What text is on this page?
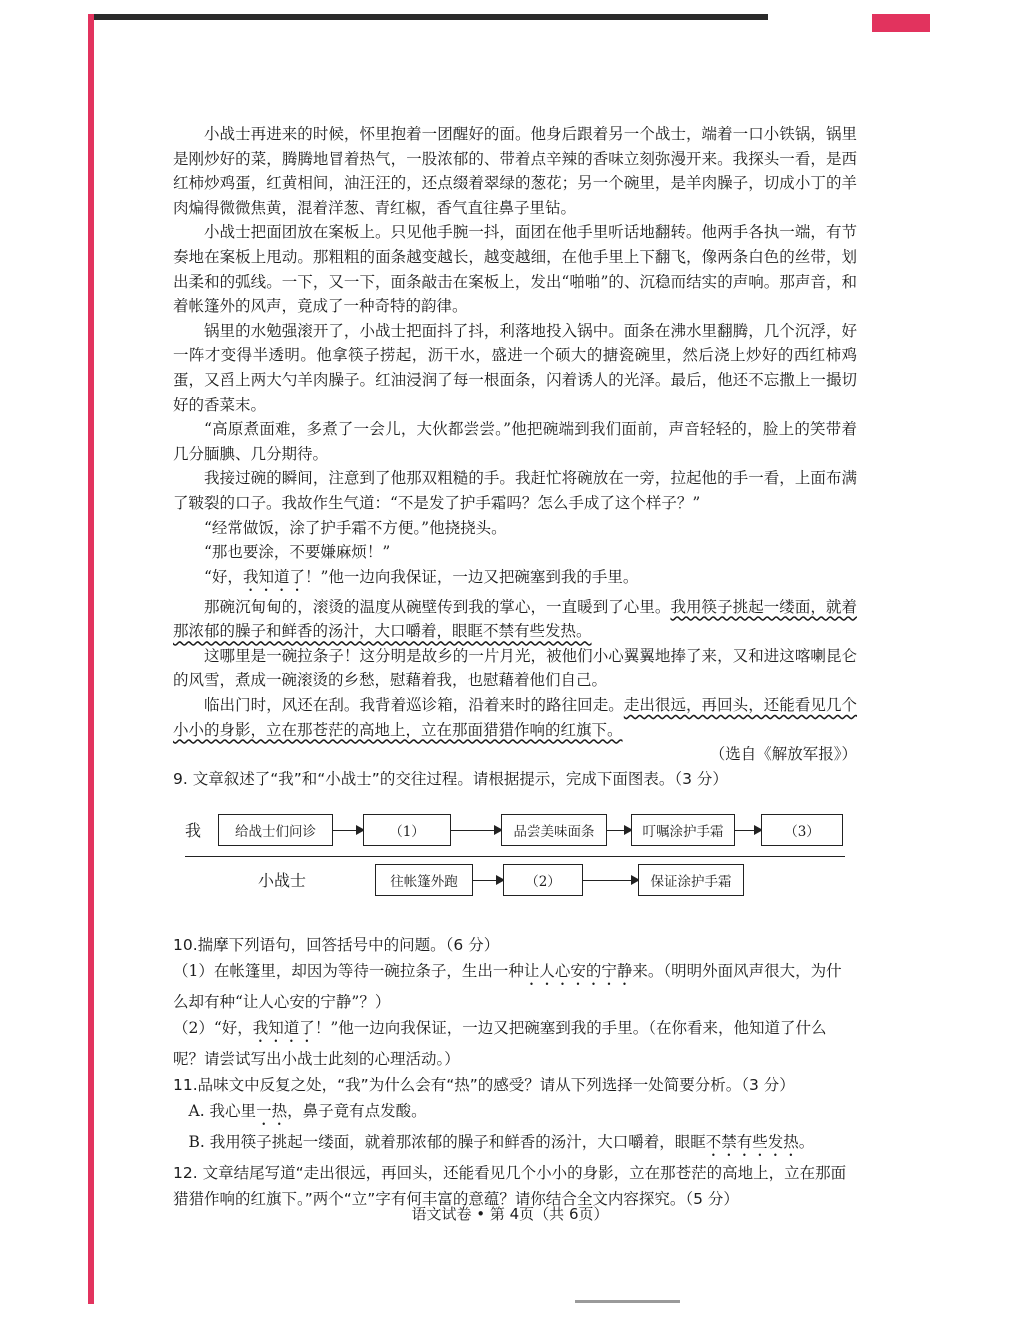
小战士再进来的时候，怀里抱着一团醒好的面。他身后跟着另一个战士，端着一口小铁锅，锅里是刚炒好的菜，腾腾地冒着热气，一股浓郁的、带着点辛辣的香味立刻弥漫开来。我探头一看，是西红柿炒鸡蛋，红黄相间，油汪汪的，还点缀着翠绿的葱花；另一个碗里，是羊肉臊子，切成小丁的羊肉煸得微微焦黄，混着洋葱、青红椒，香气直往鼻子里钻。

小战士把面团放在案板上。只见他手腕一抖，面团在他手里听话地翻转。他两手各执一端，有节奏地在案板上甩动。那粗粗的面条越变越长，越变越细，在他手里上下翻飞，像两条白色的丝带，划出柔和的弧线。一下，又一下，面条敲击在案板上，发出“啪啪”的、沉稳而结实的声响。那声音，和着帐篷外的风声，竟成了一种奇特的韵律。

锅里的水勉强滚开了，小战士把面抖了抖，利落地投入锅中。面条在沸水里翻腾，几个沉浮，好一阵才变得半透明。他拿筷子捞起，沥干水，盛进一个硕大的搪瓷碗里，然后浇上炒好的西红柿鸡蛋，又舀上两大勺羊肉臊子。红油浸润了每一根面条，闪着诱人的光泽。最后，他还不忘撒上一撮切好的香菜末。

“高原煮面难，多煮了一会儿，大伙都尝尝。”他把碗端到我们面前，声音轻轻的，脸上的笑带着几分腼腆、几分期待。

我接过碗的瞬间，注意到了他那双粗糙的手。我赶忙将碗放在一旁，拉起他的手一看，上面布满了皲裂的口子。我故作生气道：“不是发了护手霜吗？怎么手成了这个样子？”

“经常做饭，涂了护手霜不方便。”他挠挠头。

“那也要涂，不要嫌麻烦！”

“好，我知道了！”他一边向我保证，一边又把碗塞到我的手里。

那碗沉甸甸的，滚烫的温度从碗壁传到我的掌心，一直暖到了心里。我用筷子挑起一缕面，就着那浓郁的臊子和鲜香的汤汁，大口嚼着，眼眶不禁有些发热。

这哪里是一碗拉条子！这分明是故乡的一片月光，被他们小心翼翼地捧了来，又和进这喀喇昆仑的风雪，煮成一碗滚烫的乡愁，慰藉着我，也慰藉着他们自己。

临出门时，风还在刮。我背着巡诊箱，沿着来时的路往回走。走出很远，再回头，还能看见几个小小的身影，立在那苍茫的高地上，立在那面猎猎作响的红旗下。

（选自《解放军报》）

9. 文章叙述了“我”和“小战士”的交往过程。请根据提示，完成下面图表。（3 分）

我	给战士们问诊	（1）	品尝美味面条	叮嘱涂护手霜	（3）
小战士	往帐篷外跑	（2）	保证涂护手霜

10.揣摩下列语句，回答括号中的问题。（6 分）

（1）在帐篷里，却因为等待一碗拉条子，生出一种让人心安的宁静来。（明明外面风声很大，为什么却有种“让人心安的宁静”？）

（2）“好，我知道了！”他一边向我保证，一边又把碗塞到我的手里。（在你看来，他知道了什么呢？请尝试写出小战士此刻的心理活动。）

11.品味文中反复之处，“我”为什么会有“热”的感受？请从下列选择一处简要分析。（3 分）

A. 我心里一热，鼻子竟有点发酸。

B. 我用筷子挑起一缕面，就着那浓郁的臊子和鲜香的汤汁，大口嚼着，眼眶不禁有些发热。

12. 文章结尾写道“走出很远，再回头，还能看见几个小小的身影，立在那苍茫的高地上，立在那面猎猎作响的红旗下。”两个“立”字有何丰富的意蕴？请你结合全文内容探究。（5 分）

语文试卷 • 第 4页（共 6页）
